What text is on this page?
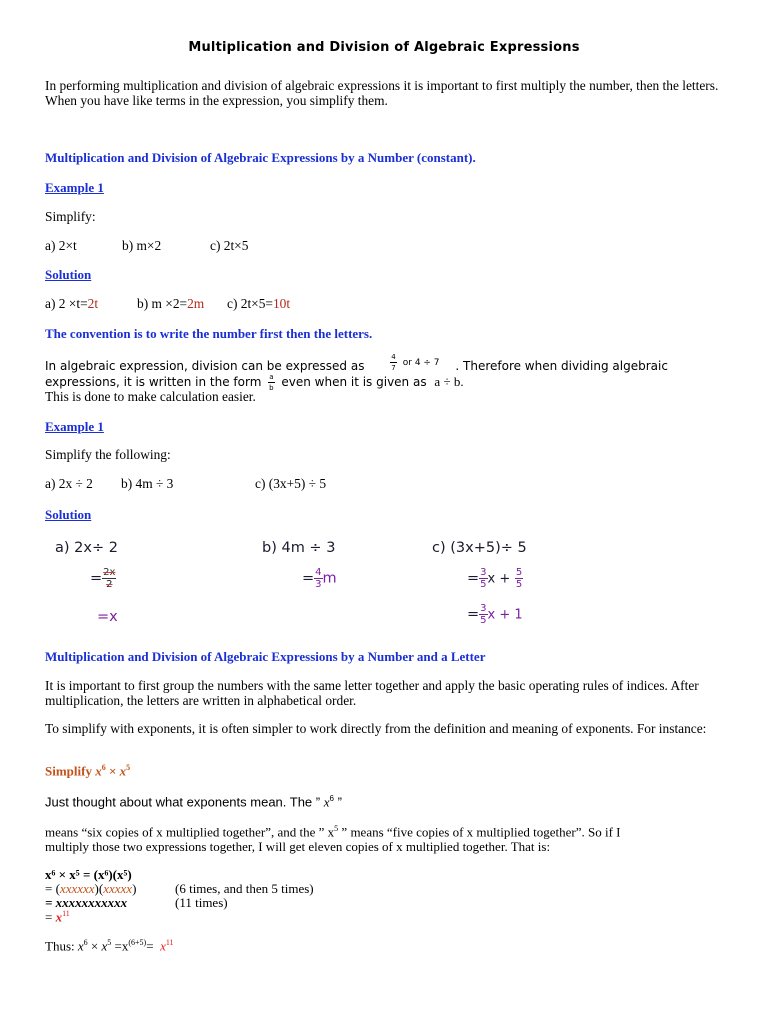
Multiplication and Division of Algebraic Expressions
In performing multiplication and division of algebraic expressions it is important to first multiply the number, then the letters. When you have like terms in the expression, you simplify them.
Multiplication and Division of Algebraic Expressions by a Number (constant).
Example 1
Simplify:
a) 2×t	b) m×2	c) 2t×5
Solution
a) 2 ×t=2t	b) m ×2=2m c) 2t×5=10t
The convention is to write the number first then the letters.
In algebraic expression, division can be expressed as	$\frac{4}{7} ^{or 4 \div 7}$ . Therefore when dividing algebraic
expressions, it is written in the form $\frac{a}{b}$ even when it is given as a ÷ b.
This is done to make calculation easier.
Example 1
Simplify the following:
a) 2x ÷ 2 b) 4m ÷ 3	c) (3x+5) ÷ 5
Solution
a) 2x÷ 2
= $\frac{2x}{2}$
=x
b) 4m ÷ 3
= $\frac{4}{3}$ m
c) (3x+5)÷ 5
= $\frac{3}{5}$ $x + \frac{5}{5}$
= $\frac{3}{5}$ x + 1
Multiplication and Division of Algebraic Expressions by a Number and a Letter
It is important to first group the numbers with the same letter together and apply the basic operating rules of indices. After multiplication, the letters are written in alphabetical order.
To simplify with exponents, it is often simpler to work directly from the definition and meaning of exponents. For instance:
Simplify $x^6 \times x^5$
Just thought about what exponents mean. The ” $x^6$ ”
means “six copies of x multiplied together”, and the ” $x^5$ ” means “five copies of x multiplied together”. So if I
multiply those two expressions together, I will get eleven copies of x multiplied together. That is:
x⁶ × x⁵ = (x⁶)(x⁵)
= (xxxxxx)(xxxxx)	(6 times, and then 5 times)
= xxxxxxxxxxx	(11 times)
= $x^{11}$
Thus: $x^6 \times x^5 =x^{(6+5)}= x^{11}$
